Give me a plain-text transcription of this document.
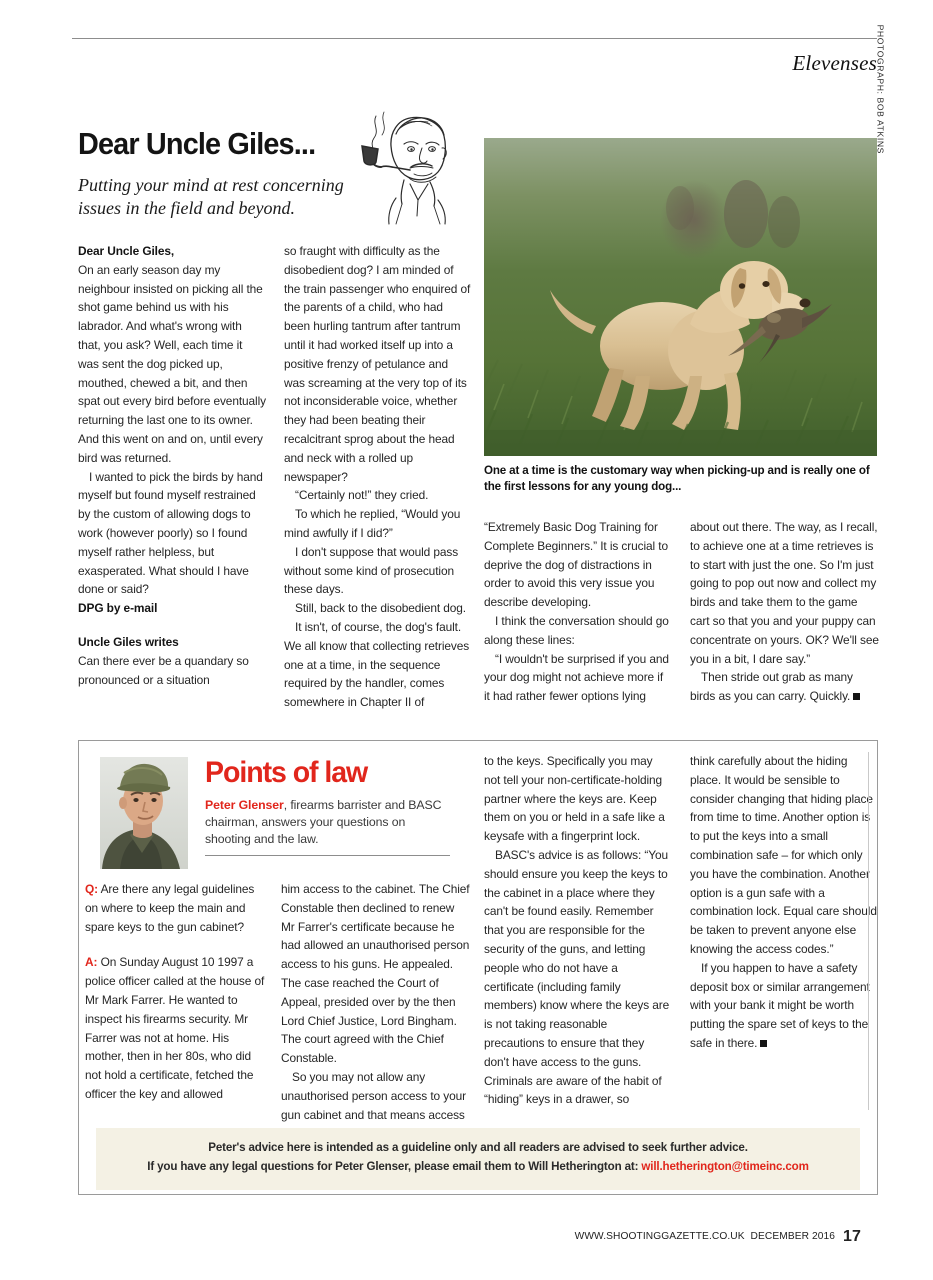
Elevenses
Dear Uncle Giles...
Putting your mind at rest concerning issues in the field and beyond.
PHOTOGRAPH: BOB ATKINS
One at a time is the customary way when picking-up and is really one of the first lessons for any young dog...

Dear Uncle Giles,

On an early season day my neighbour insisted on picking all the shot game behind us with his labrador. And what's wrong with that, you ask? Well, each time it was sent the dog picked up, mouthed, chewed a bit, and then spat out every bird before eventually returning the last one to its owner. And this went on and on, until every bird was returned.

I wanted to pick the birds by hand myself but found myself restrained by the custom of allowing dogs to work (however poorly) so I found myself rather helpless, but exasperated. What should I have done or said?

DPG by e-mail

Uncle Giles writes

Can there ever be a quandary so pronounced or a situation

so fraught with difficulty as the disobedient dog? I am minded of the train passenger who enquired of the parents of a child, who had been hurling tantrum after tantrum until it had worked itself up into a positive frenzy of petulance and was screaming at the very top of its not inconsiderable voice, whether they had been beating their recalcitrant sprog about the head and neck with a rolled up newspaper?

“Certainly not!” they cried.

To which he replied, “Would you mind awfully if I did?”

I don't suppose that would pass without some kind of prosecution these days.

Still, back to the disobedient dog.

It isn't, of course, the dog's fault. We all know that collecting retrieves one at a time, in the sequence required by the handler, comes somewhere in Chapter II of

“Extremely Basic Dog Training for Complete Beginners.” It is crucial to deprive the dog of distractions in order to avoid this very issue you describe developing.

I think the conversation should go along these lines:

“I wouldn't be surprised if you and your dog might not achieve more if it had rather fewer options lying

about out there. The way, as I recall, to achieve one at a time retrieves is to start with just the one. So I'm just going to pop out now and collect my birds and take them to the game cart so that you and your puppy can concentrate on yours. OK? We'll see you in a bit, I dare say.”

Then stride out grab as many birds as you can carry. Quickly.

Points of law
Peter Glenser, firearms barrister and BASC chairman, answers your questions on shooting and the law.

Q: Are there any legal guidelines on where to keep the main and spare keys to the gun cabinet?

A: On Sunday August 10 1997 a police officer called at the house of Mr Mark Farrer. He wanted to inspect his firearms security. Mr Farrer was not at home. His mother, then in her 80s, who did not hold a certificate, fetched the officer the key and allowed

him access to the cabinet. The Chief Constable then declined to renew Mr Farrer's certificate because he had allowed an unauthorised person access to his guns. He appealed. The case reached the Court of Appeal, presided over by the then Lord Chief Justice, Lord Bingham. The court agreed with the Chief Constable.

So you may not allow any unauthorised person access to your gun cabinet and that means access

to the keys. Specifically you may not tell your non-certificate-holding partner where the keys are. Keep them on you or held in a safe like a keysafe with a fingerprint lock.

BASC's advice is as follows: “You should ensure you keep the keys to the cabinet in a place where they can't be found easily. Remember that you are responsible for the security of the guns, and letting people who do not have a certificate (including family members) know where the keys are is not taking reasonable precautions to ensure that they don't have access to the guns. Criminals are aware of the habit of “hiding” keys in a drawer, so

think carefully about the hiding place. It would be sensible to consider changing that hiding place from time to time. Another option is to put the keys into a small combination safe – for which only you have the combination. Another option is a gun safe with a combination lock. Equal care should be taken to prevent anyone else knowing the access codes.”

If you happen to have a safety deposit box or similar arrangement with your bank it might be worth putting the spare set of keys to the safe in there.

Peter's advice here is intended as a guideline only and all readers are advised to seek further advice.
If you have any legal questions for Peter Glenser, please email them to Will Hetherington at: will.hetherington@timeinc.com
WWW.SHOOTINGGAZETTE.CO.UK DECEMBER 2016 17
